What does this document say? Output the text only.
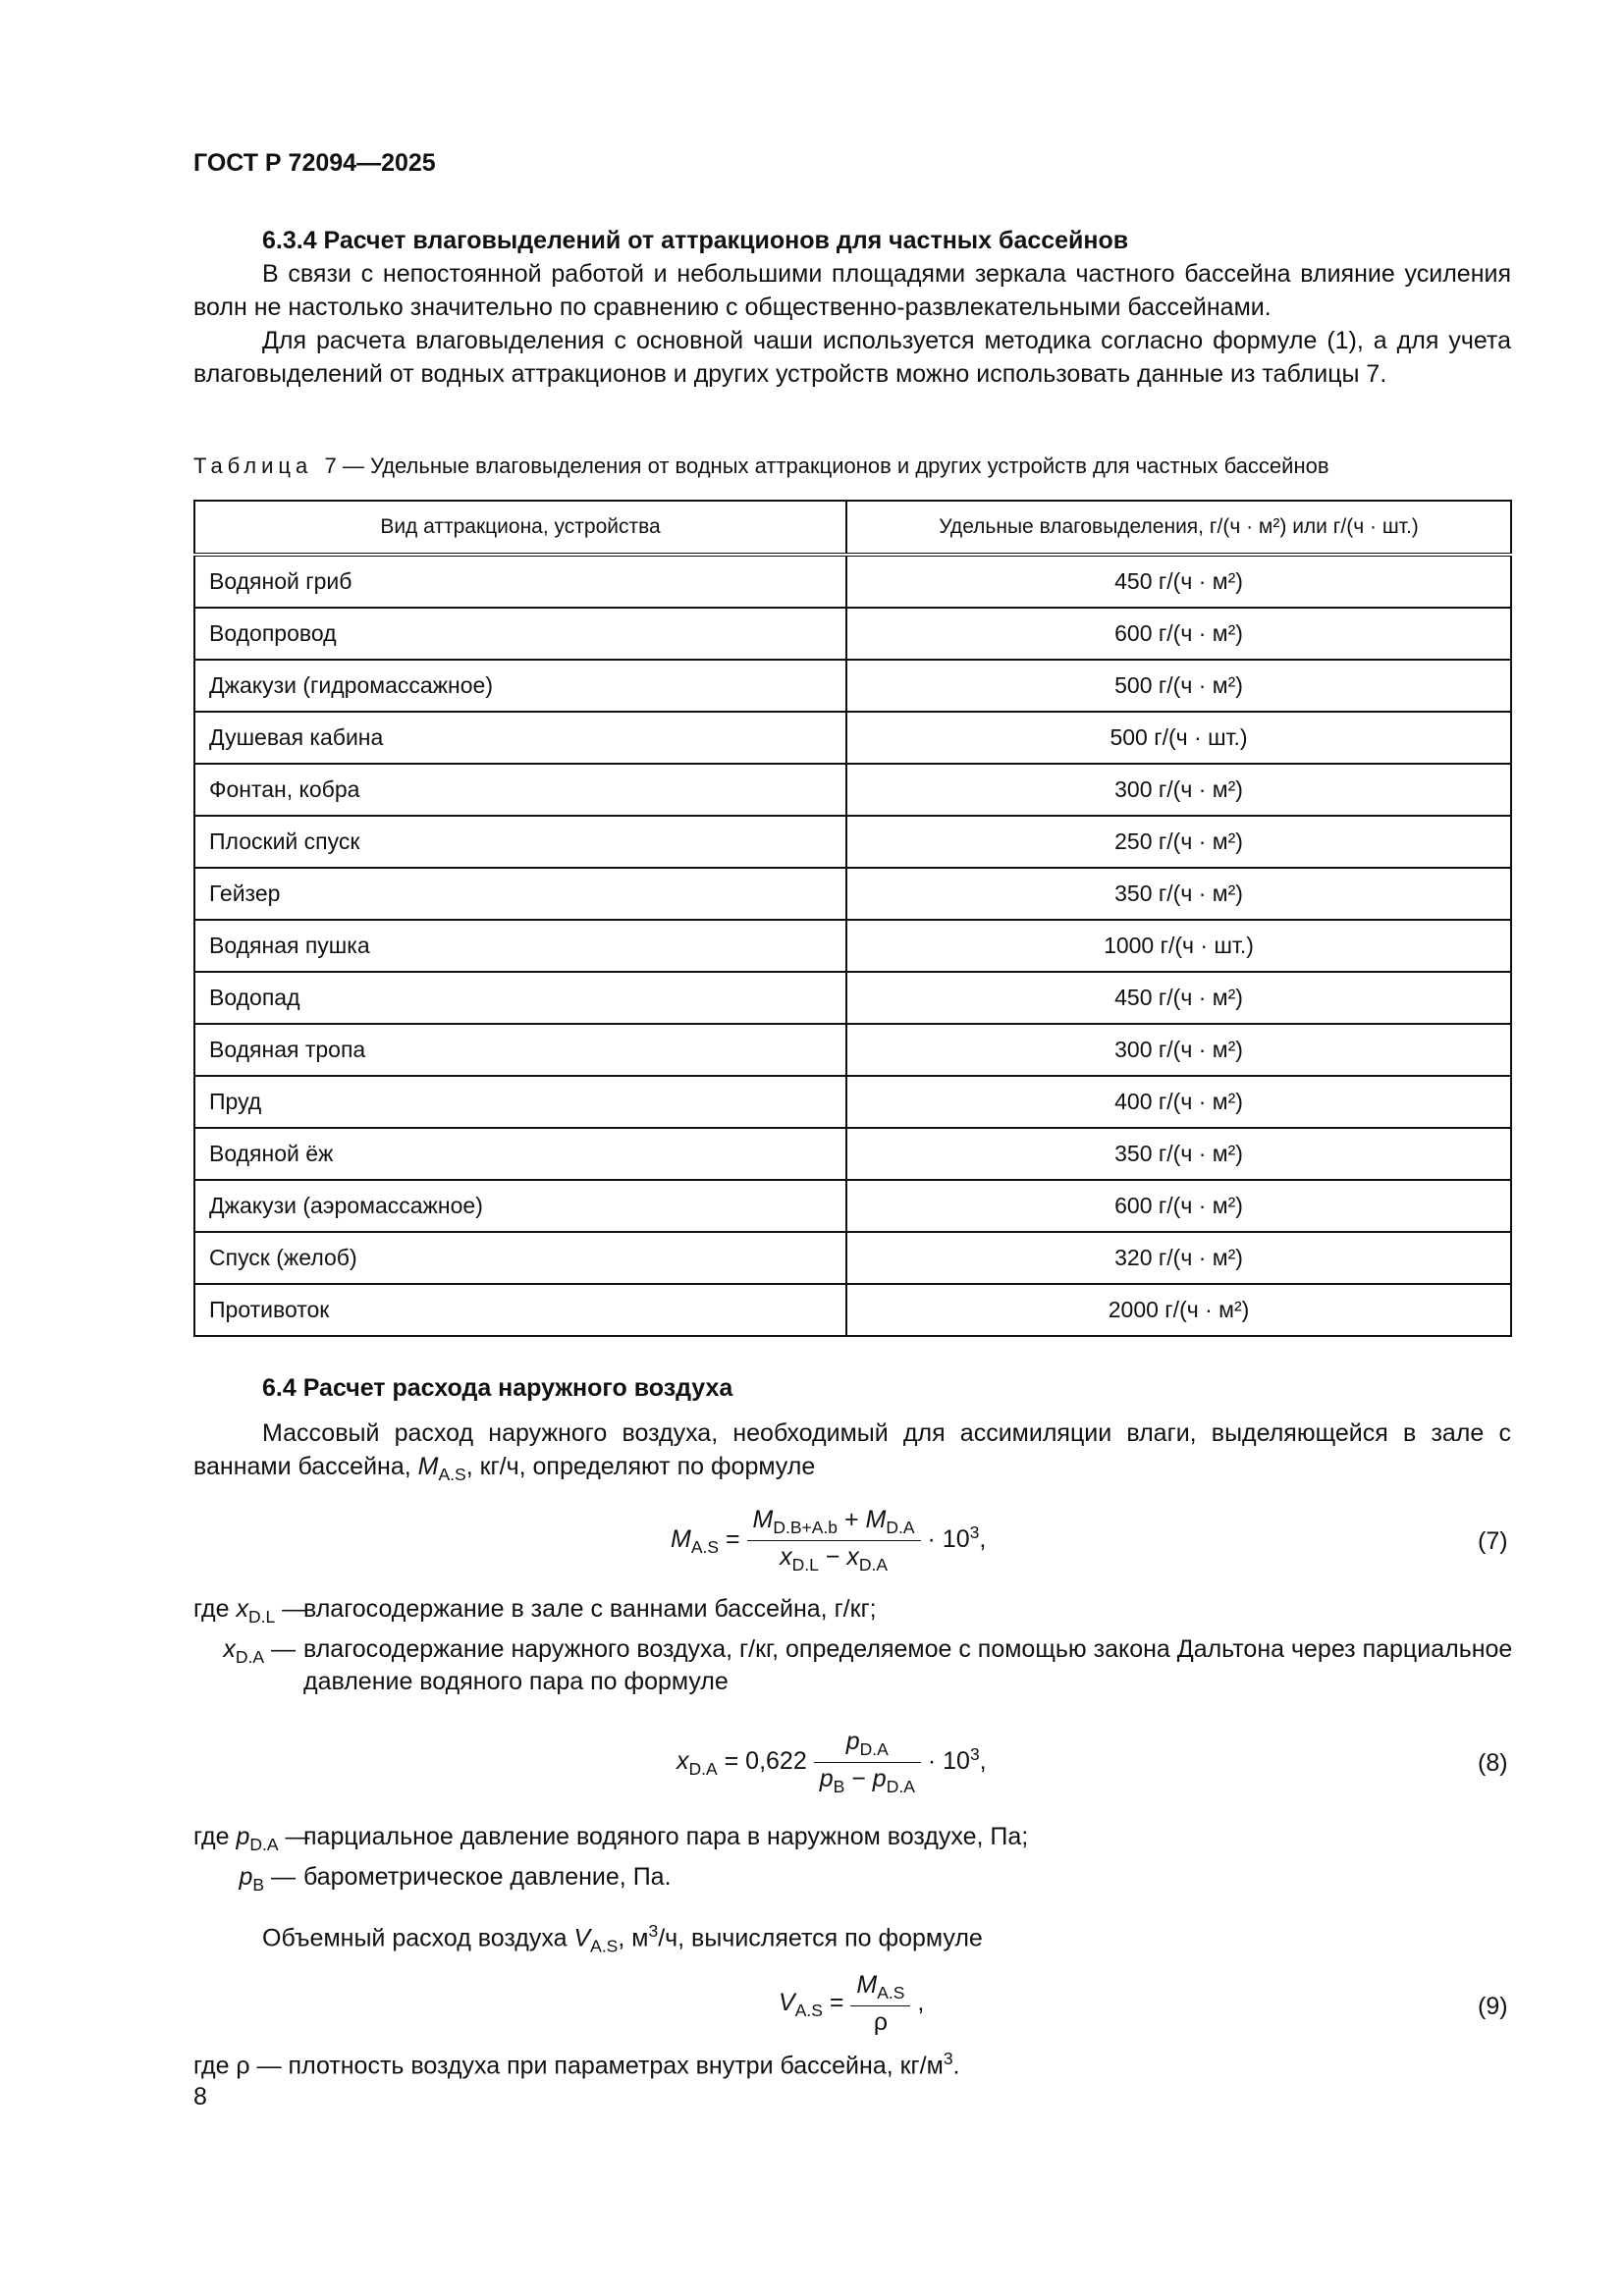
ГОСТ Р 72094—2025
6.3.4 Расчет влаговыделений от аттракционов для частных бассейнов

В связи с непостоянной работой и небольшими площадями зеркала частного бассейна влияние усиления волн не настолько значительно по сравнению с общественно-развлекательными бассейнами.

Для расчета влаговыделения с основной чаши используется методика согласно формуле (1), а для учета влаговыделений от водных аттракционов и других устройств можно использовать данные из таблицы 7.

Таблица 7 — Удельные влаговыделения от водных аттракционов и других устройств для частных бассейнов
Вид аттракциона, устройства	Удельные влаговыделения, г/(ч · м²) или г/(ч · шт.)
Водяной гриб	450 г/(ч · м²)
Водопровод	600 г/(ч · м²)
Джакузи (гидромассажное)	500 г/(ч · м²)
Душевая кабина	500 г/(ч · шт.)
Фонтан, кобра	300 г/(ч · м²)
Плоский спуск	250 г/(ч · м²)
Гейзер	350 г/(ч · м²)
Водяная пушка	1000 г/(ч · шт.)
Водопад	450 г/(ч · м²)
Водяная тропа	300 г/(ч · м²)
Пруд	400 г/(ч · м²)
Водяной ёж	350 г/(ч · м²)
Джакузи (аэромассажное)	600 г/(ч · м²)
Спуск (желоб)	320 г/(ч · м²)
Противоток	2000 г/(ч · м²)
6.4 Расчет расхода наружного воздуха

Массовый расход наружного воздуха, необходимый для ассимиляции влаги, выделяющейся в зале с ваннами бассейна, $M_{A.S}$, кг/ч, определяют по формуле

$M_{A.S} = \frac{M_{D.B+A.b} + M_{D.A}}{x_{D.L} - x_{D.A}} \cdot 10^3$,	(7)
где $x_{D.L}$ —
влагосодержание в зале с ваннами бассейна, г/кг;
$x_{D.A}$ — влагосодержание наружного воздуха, г/кг, определяемое с помощью закона Дальтона через парциальное давление водяного пара по формуле
$x_{D.A} = 0,622 \frac{p_{D.A}}{p_B - p_{D.A}} \cdot 10^3$,	(8)
где $p_{D.A}$ —
парциальное давление водяного пара в наружном воздухе, Па;
$p_B$ — барометрическое давление, Па.

Объемный расход воздуха $V_{A.S}$, $м^3/ч$, вычисляется по формуле

$V_{A.S} = \frac{M_{A.S}}{\rho}$ ,	(9)
где ρ — плотность воздуха при параметрах внутри бассейна, $кг/м^3$.
8
